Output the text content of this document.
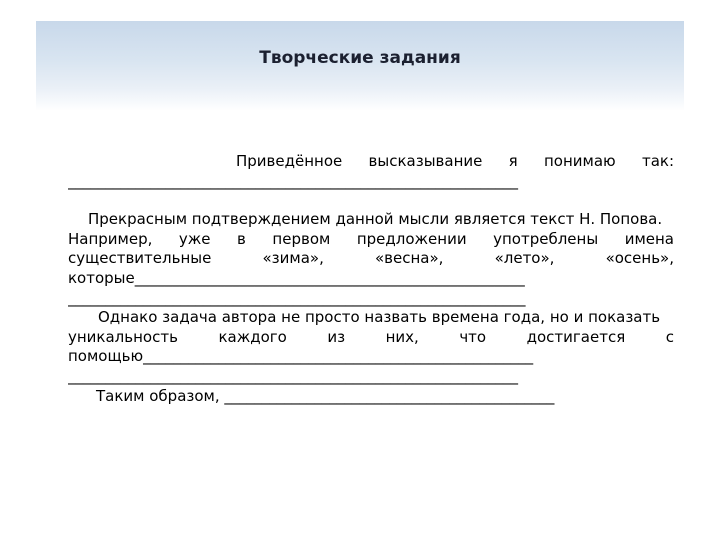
Творческие задания

Приведённое высказывание я понимаю так:

____________________________________________________________

Прекрасным подтверждением данной мысли является текст Н. Попова.

Например, уже в первом предложении употреблены имена

существительные «зима», «весна», «лето», «осень»,

которые____________________________________________________

_____________________________________________________________

Однако задача автора не просто назвать времена года, но и показать

уникальность каждого из них, что достигается с

помощью____________________________________________________

____________________________________________________________

Таким образом, ____________________________________________
